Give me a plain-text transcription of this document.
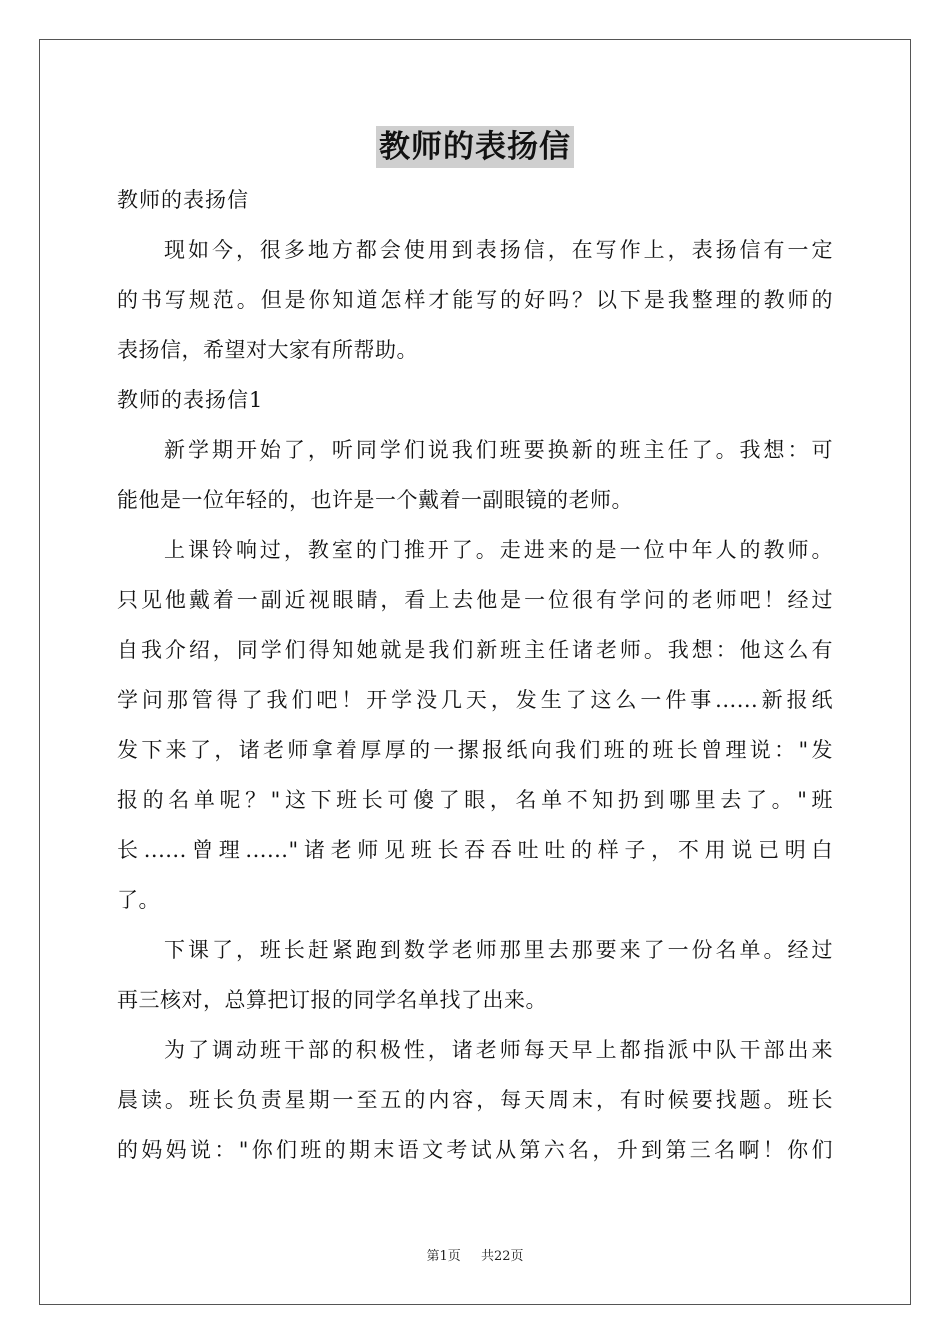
教师的表扬信
教师的表扬信
现如今，很多地方都会使用到表扬信，在写作上，表扬信有一定
的书写规范。但是你知道怎样才能写的好吗？以下是我整理的教师的
表扬信，希望对大家有所帮助。
教师的表扬信1
新学期开始了，听同学们说我们班要换新的班主任了。我想：可
能他是一位年轻的，也许是一个戴着一副眼镜的老师。
上课铃响过，教室的门推开了。走进来的是一位中年人的教师。
只见他戴着一副近视眼睛，看上去他是一位很有学问的老师吧！经过
自我介绍，同学们得知她就是我们新班主任诸老师。我想：他这么有
学问那管得了我们吧！开学没几天，发生了这么一件事......新报纸
发下来了，诸老师拿着厚厚的一摞报纸向我们班的班长曾理说："发
报的名单呢？"这下班长可傻了眼，名单不知扔到哪里去了。"班
长......曾理......"诸老师见班长吞吞吐吐的样子，不用说已明白
了。
下课了，班长赶紧跑到数学老师那里去那要来了一份名单。经过
再三核对，总算把订报的同学名单找了出来。
为了调动班干部的积极性，诸老师每天早上都指派中队干部出来
晨读。班长负责星期一至五的内容，每天周末，有时候要找题。班长
的妈妈说："你们班的期末语文考试从第六名，升到第三名啊！你们
第1页 共22页
